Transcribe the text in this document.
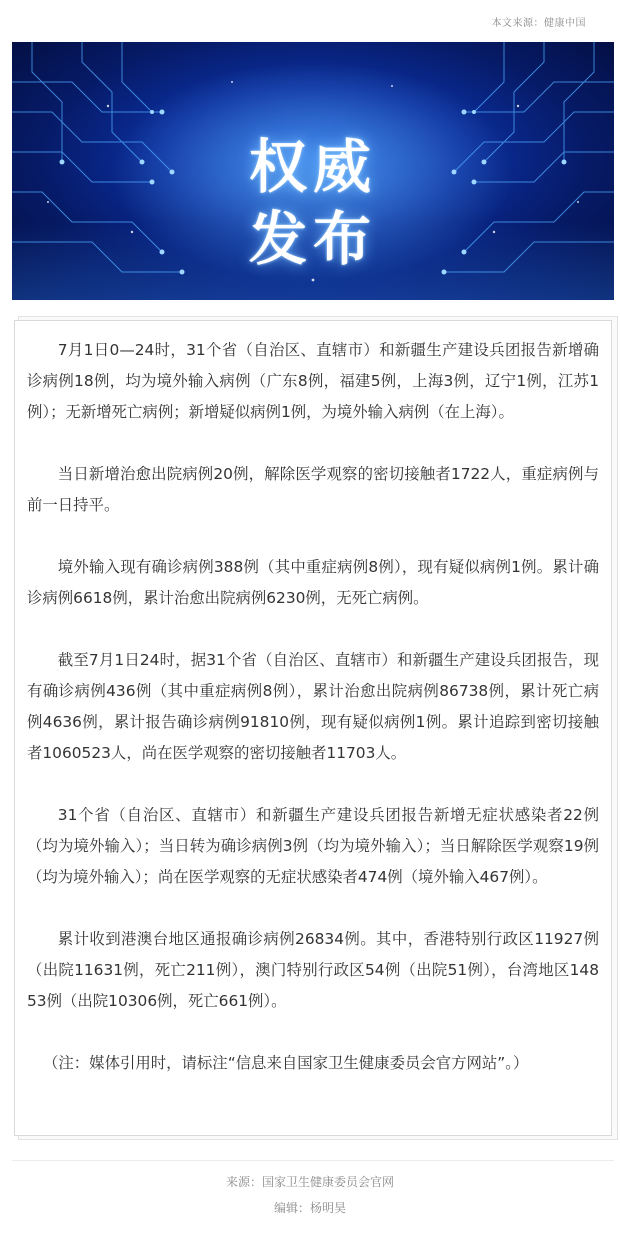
本文来源：健康中国
权威
发布

7月1日0—24时，31个省（自治区、直辖市）和新疆生产建设兵团报告新增确诊病例18例，均为境外输入病例（广东8例，福建5例，上海3例，辽宁1例，江苏1例）；无新增死亡病例；新增疑似病例1例，为境外输入病例（在上海）。

当日新增治愈出院病例20例，解除医学观察的密切接触者1722人，重症病例与前一日持平。

境外输入现有确诊病例388例（其中重症病例8例），现有疑似病例1例。累计确诊病例6618例，累计治愈出院病例6230例，无死亡病例。

截至7月1日24时，据31个省（自治区、直辖市）和新疆生产建设兵团报告，现有确诊病例436例（其中重症病例8例），累计治愈出院病例86738例，累计死亡病例4636例，累计报告确诊病例91810例，现有疑似病例1例。累计追踪到密切接触者1060523人，尚在医学观察的密切接触者11703人。

31个省（自治区、直辖市）和新疆生产建设兵团报告新增无症状感染者22例（均为境外输入）；当日转为确诊病例3例（均为境外输入）；当日解除医学观察19例（均为境外输入）；尚在医学观察的无症状感染者474例（境外输入467例）。

累计收到港澳台地区通报确诊病例26834例。其中，香港特别行政区11927例（出院11631例，死亡211例），澳门特别行政区54例（出院51例），台湾地区14853例（出院10306例，死亡661例）。

（注：媒体引用时，请标注“信息来自国家卫生健康委员会官方网站”。）

来源：国家卫生健康委员会官网
编辑：杨明昊
